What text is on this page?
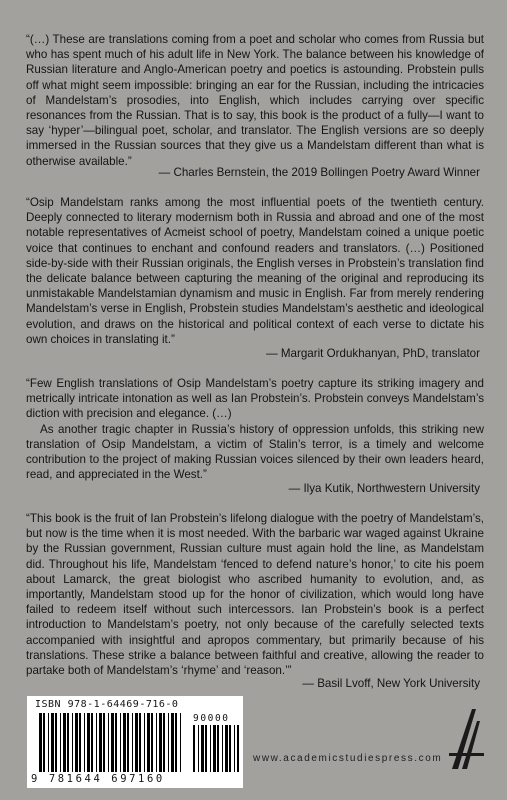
“(…) These are translations coming from a poet and scholar who comes from Russia but who has spent much of his adult life in New York. The balance between his knowledge of Russian literature and Anglo-American poetry and poetics is astounding. Probstein pulls off what might seem impossible: bringing an ear for the Russian, including the intricacies of Mandelstam’s prosodies, into English, which includes carrying over specific resonances from the Russian. That is to say, this book is the product of a fully—I want to say ‘hyper’—bilingual poet, scholar, and translator. The English versions are so deeply immersed in the Russian sources that they give us a Mandelstam different than what is otherwise available.”

— Charles Bernstein, the 2019 Bollingen Poetry Award Winner

“Osip Mandelstam ranks among the most influential poets of the twentieth century. Deeply connected to literary modernism both in Russia and abroad and one of the most notable representatives of Acmeist school of poetry, Mandelstam coined a unique poetic voice that continues to enchant and confound readers and translators. (…) Positioned side-by-side with their Russian originals, the English verses in Probstein’s translation find the delicate balance between capturing the meaning of the original and reproducing its unmistakable Mandelstamian dynamism and music in English. Far from merely rendering Mandelstam’s verse in English, Probstein studies Mandelstam’s aesthetic and ideological evolution, and draws on the historical and political context of each verse to dictate his own choices in translating it.”

— Margarit Ordukhanyan, PhD, translator

“Few English translations of Osip Mandelstam’s poetry capture its striking imagery and metrically intricate intonation as well as Ian Probstein’s. Probstein conveys Mandelstam’s diction with precision and elegance. (…)

As another tragic chapter in Russia’s history of oppression unfolds, this striking new translation of Osip Mandelstam, a victim of Stalin’s terror, is a timely and welcome contribution to the project of making Russian voices silenced by their own leaders heard, read, and appreciated in the West.”

— Ilya Kutik, Northwestern University

“This book is the fruit of Ian Probstein’s lifelong dialogue with the poetry of Mandelstam’s, but now is the time when it is most needed. With the barbaric war waged against Ukraine by the Russian government, Russian culture must again hold the line, as Mandelstam did. Throughout his life, Mandelstam ‘fenced to defend nature’s honor,’ to cite his poem about Lamarck, the great biologist who ascribed humanity to evolution, and, as importantly, Mandelstam stood up for the honor of civilization, which would long have failed to redeem itself without such intercessors. Ian Probstein’s book is a perfect introduction to Mandelstam’s poetry, not only because of the carefully selected texts accompanied with insightful and apropos commentary, but primarily because of his translations. These strike a balance between faithful and creative, allowing the reader to partake both of Mandelstam’s ‘rhyme’ and ‘reason.’”

— Basil Lvoff, New York University
ISBN 978-1-64469-716-0
9 781644 697160
90000
www.academicstudiespress.com
